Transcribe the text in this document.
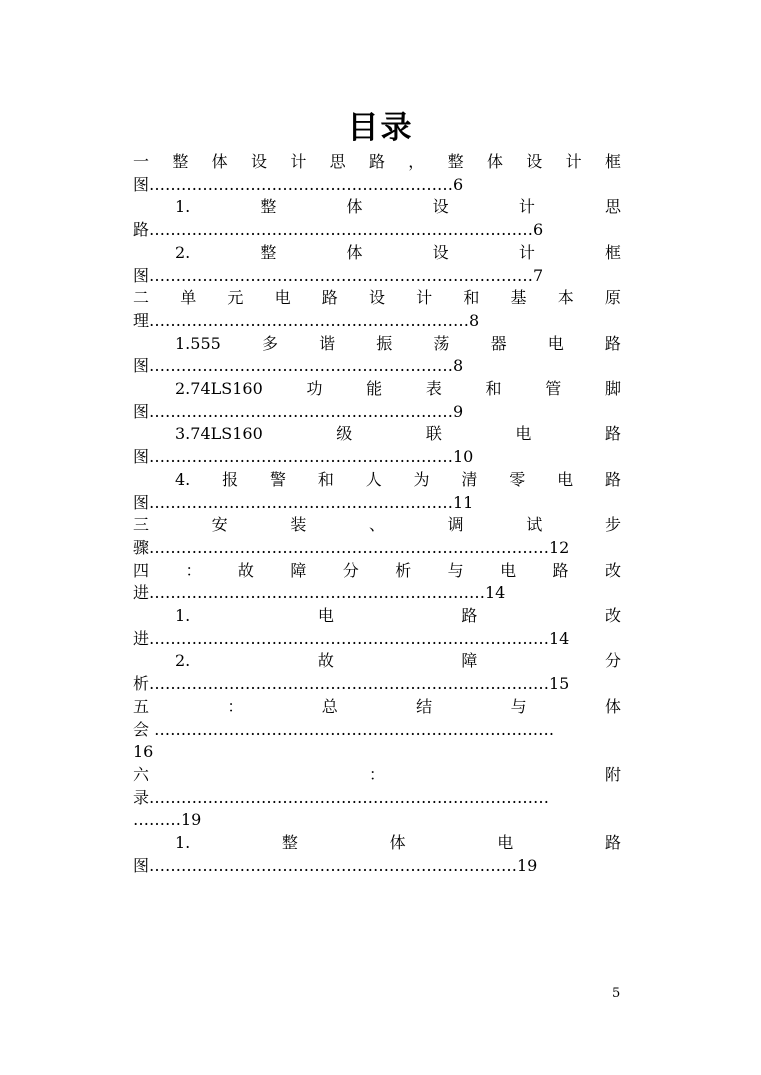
目录
一 整 体 设 计 思 路 ， 整 体 设 计 框
图…………………………………………………6
1.	整	体	设	计	思
路………………………………………………………………6
2.	整	体	设	计	框
图………………………………………………………………7
二 单 元 电 路 设 计 和 基 本 原
理……………………………………………………8
1.555	多	谐	振	荡	器	电	路
图…………………………………………………8
2.74LS160	功	能	表	和	管	脚
图…………………………………………………9
3.74LS160	级	联	电	路
图…………………………………………………10
4. 报 警 和 人 为 清 零 电 路
图…………………………………………………11
三	安	装	、	调	试	步
骤…………………………………………………………………12
四 ： 故 障 分 析 与 电 路 改
进………………………………………………………14
1.	电	路	改
进…………………………………………………………………14
2.	故	障	分
析…………………………………………………………………15
五	：	总	结	与	体
会 …………………………………………………………………
16
六	：	附
录…………………………………………………………………
………19
1.	整	体	电	路
图……………………………………………………………19
5
